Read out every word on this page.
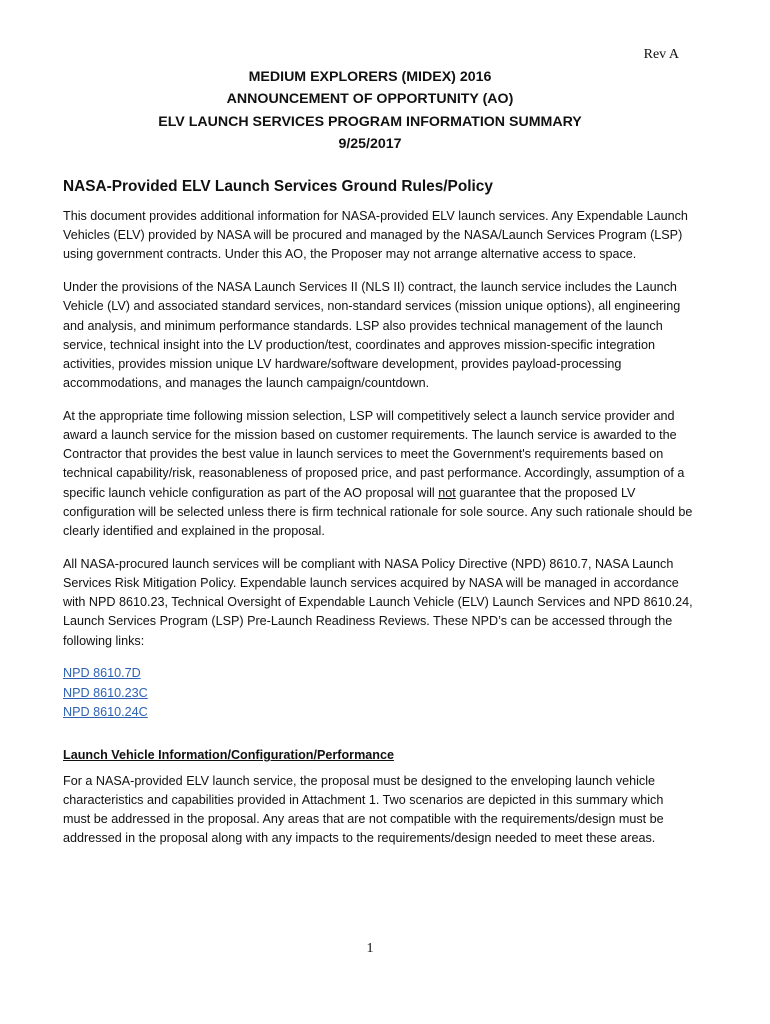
Rev A
MEDIUM EXPLORERS (MIDEX) 2016
ANNOUNCEMENT OF OPPORTUNITY (AO)
ELV LAUNCH SERVICES PROGRAM INFORMATION SUMMARY
9/25/2017
NASA-Provided ELV Launch Services Ground Rules/Policy

This document provides additional information for NASA-provided ELV launch services. Any Expendable Launch Vehicles (ELV) provided by NASA will be procured and managed by the NASA/Launch Services Program (LSP) using government contracts. Under this AO, the Proposer may not arrange alternative access to space.

Under the provisions of the NASA Launch Services II (NLS II) contract, the launch service includes the Launch Vehicle (LV) and associated standard services, non-standard services (mission unique options), all engineering and analysis, and minimum performance standards. LSP also provides technical management of the launch service, technical insight into the LV production/test, coordinates and approves mission-specific integration activities, provides mission unique LV hardware/software development, provides payload-processing accommodations, and manages the launch campaign/countdown.

At the appropriate time following mission selection, LSP will competitively select a launch service provider and award a launch service for the mission based on customer requirements. The launch service is awarded to the Contractor that provides the best value in launch services to meet the Government's requirements based on technical capability/risk, reasonableness of proposed price, and past performance. Accordingly, assumption of a specific launch vehicle configuration as part of the AO proposal will not guarantee that the proposed LV configuration will be selected unless there is firm technical rationale for sole source. Any such rationale should be clearly identified and explained in the proposal.

All NASA-procured launch services will be compliant with NASA Policy Directive (NPD) 8610.7, NASA Launch Services Risk Mitigation Policy. Expendable launch services acquired by NASA will be managed in accordance with NPD 8610.23, Technical Oversight of Expendable Launch Vehicle (ELV) Launch Services and NPD 8610.24, Launch Services Program (LSP) Pre-Launch Readiness Reviews. These NPD’s can be accessed through the following links:

NPD 8610.7D
NPD 8610.23C
NPD 8610.24C
Launch Vehicle Information/Configuration/Performance

For a NASA-provided ELV launch service, the proposal must be designed to the enveloping launch vehicle characteristics and capabilities provided in Attachment 1. Two scenarios are depicted in this summary which must be addressed in the proposal. Any areas that are not compatible with the requirements/design must be addressed in the proposal along with any impacts to the requirements/design needed to meet these areas.

1
